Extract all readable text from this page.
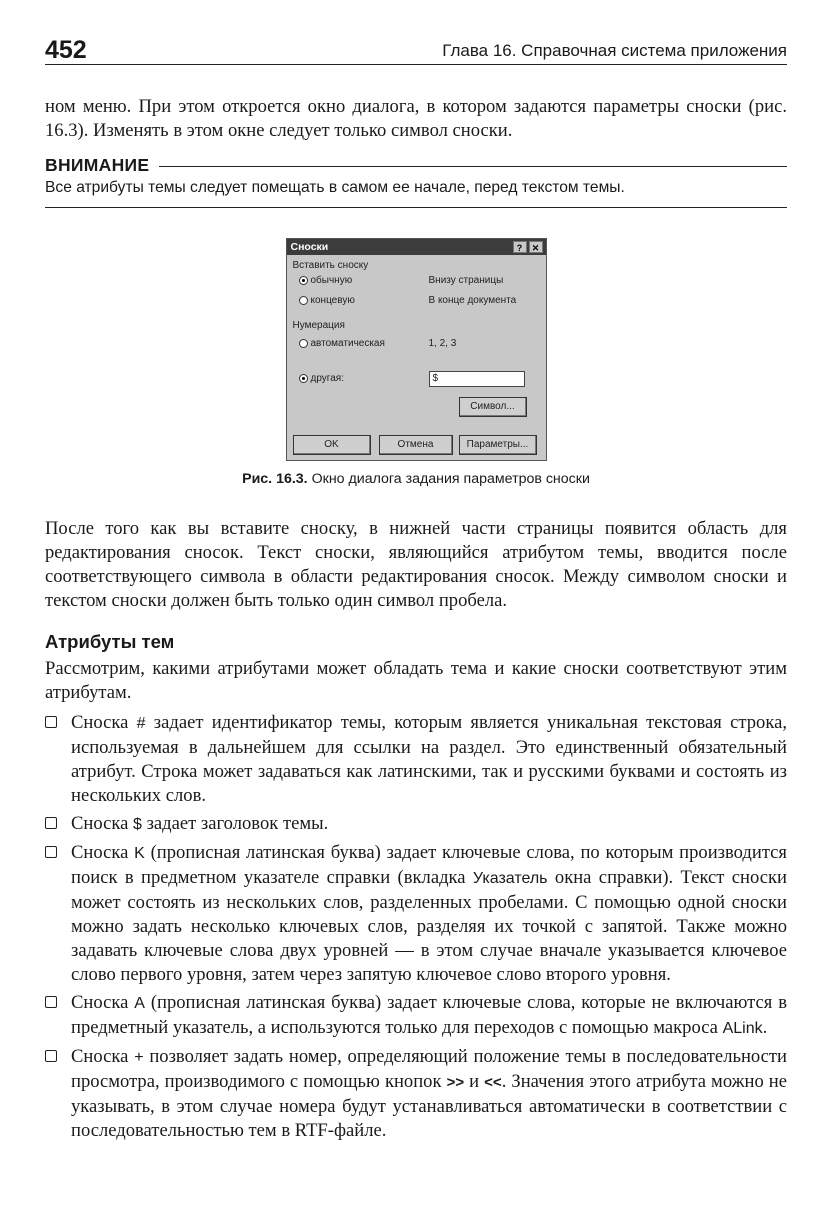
452	Глава 16. Справочная система приложения
ном меню. При этом откроется окно диалога, в котором задаются параметры сноски (рис. 16.3). Изменять в этом окне следует только символ сноски.
ВНИМАНИЕ
Все атрибуты темы следует помещать в самом ее начале, перед текстом темы.
Сноски	?	✕
Вставить сноску
обычную	Внизу страницы
концевую	В конце документа
Нумерация
автоматическая	1, 2, 3
другая:	$
Символ...
OK	Отмена	Параметры...
Рис. 16.3. Окно диалога задания параметров сноски
После того как вы вставите сноску, в нижней части страницы появится область для редактирования сносок. Текст сноски, являющийся атрибутом темы, вводится после соответствующего символа в области редактирования сносок. Между символом сноски и текстом сноски должен быть только один символ пробела.
Атрибуты тем
Рассмотрим, какими атрибутами может обладать тема и какие сноски соответствуют этим атрибутам.
Сноска # задает идентификатор темы, которым является уникальная текстовая строка, используемая в дальнейшем для ссылки на раздел. Это единственный обязательный атрибут. Строка может задаваться как латинскими, так и русскими буквами и состоять из нескольких слов.
Сноска $ задает заголовок темы.
Сноска K (прописная латинская буква) задает ключевые слова, по которым производится поиск в предметном указателе справки (вкладка Указатель окна справки). Текст сноски может состоять из нескольких слов, разделенных пробелами. С помощью одной сноски можно задать несколько ключевых слов, разделяя их точкой с запятой. Также можно задавать ключевые слова двух уровней — в этом случае вначале указывается ключевое слово первого уровня, затем через запятую ключевое слово второго уровня.
Сноска A (прописная латинская буква) задает ключевые слова, которые не включаются в предметный указатель, а используются только для переходов с помощью макроса ALink.
Сноска + позволяет задать номер, определяющий положение темы в последовательности просмотра, производимого с помощью кнопок >> и <<. Значения этого атрибута можно не указывать, в этом случае номера будут устанавливаться автоматически в соответствии с последовательностью тем в RTF-файле.
